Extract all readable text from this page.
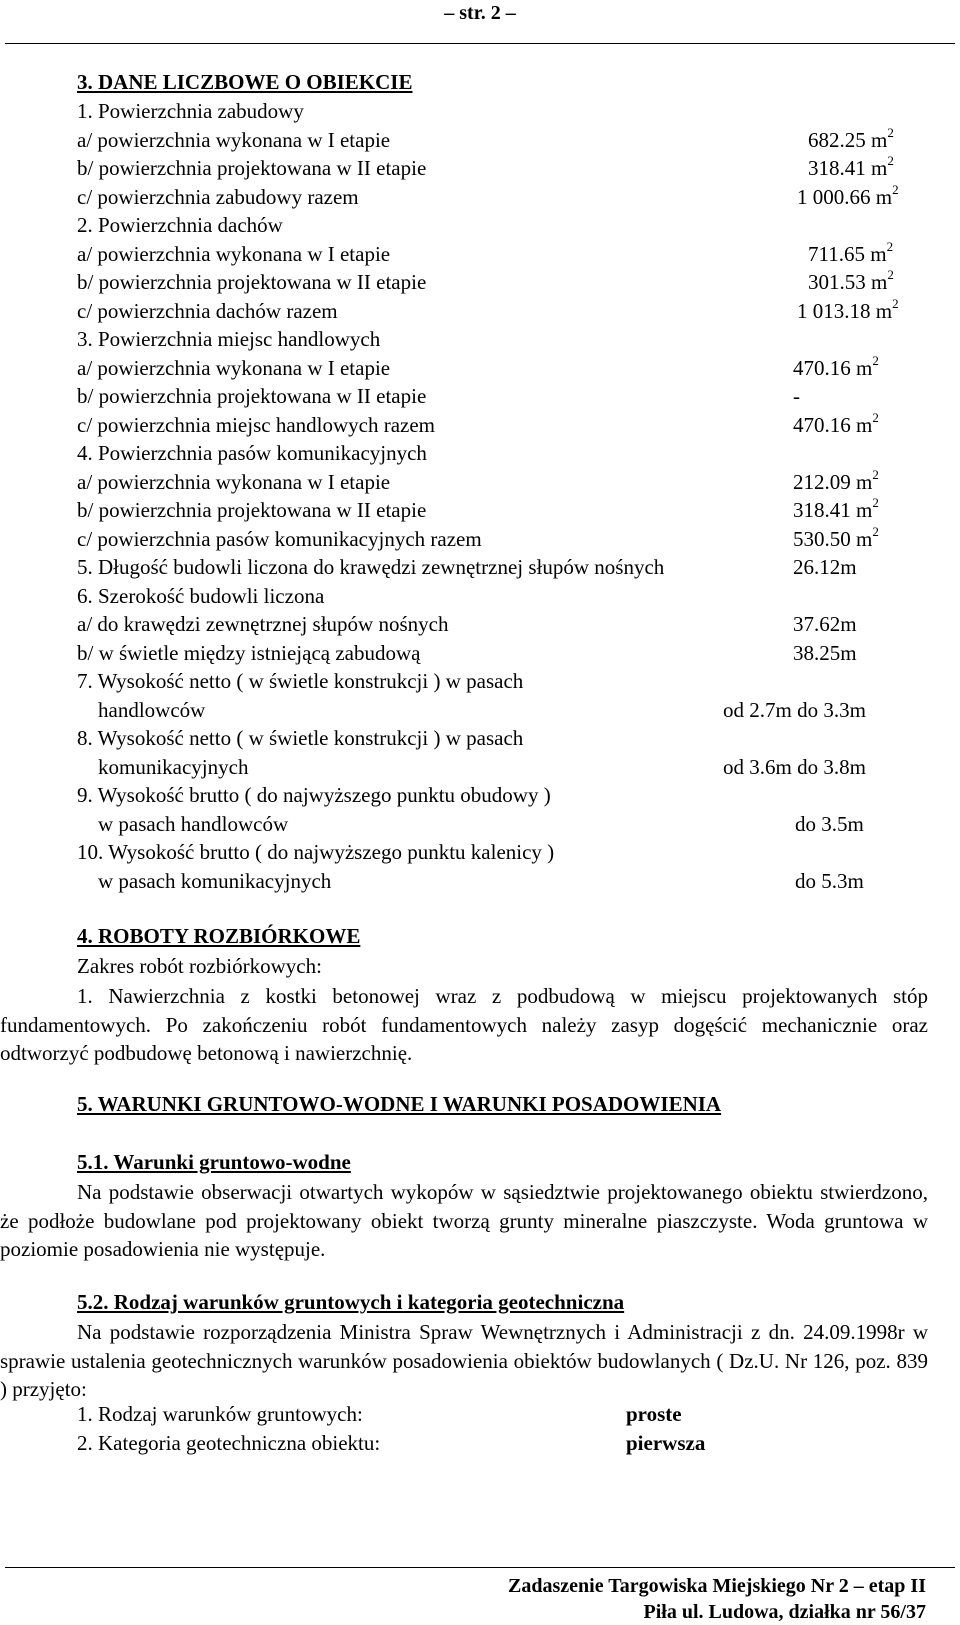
– str. 2 –
3. DANE LICZBOWE O OBIEKCIE
1. Powierzchnia zabudowy
a/ powierzchnia wykonana w I etapie	682.25 $m^2$
b/ powierzchnia projektowana w II etapie	318.41 $m^2$
c/ powierzchnia zabudowy razem	1 000.66 $m^2$
2. Powierzchnia dachów
a/ powierzchnia wykonana w I etapie	711.65 $m^2$
b/ powierzchnia projektowana w II etapie	301.53 $m^2$
c/ powierzchnia dachów razem	1 013.18 $m^2$
3. Powierzchnia miejsc handlowych
a/ powierzchnia wykonana w I etapie	470.16 $m^2$
b/ powierzchnia projektowana w II etapie	-
c/ powierzchnia miejsc handlowych razem	470.16 $m^2$
4. Powierzchnia pasów komunikacyjnych
a/ powierzchnia wykonana w I etapie	212.09 $m^2$
b/ powierzchnia projektowana w II etapie	318.41 $m^2$
c/ powierzchnia pasów komunikacyjnych razem	530.50 $m^2$
5. Długość budowli liczona do krawędzi zewnętrznej słupów nośnych	26.12m
6. Szerokość budowli liczona
a/ do krawędzi zewnętrznej słupów nośnych	37.62m
b/ w świetle między istniejącą zabudową	38.25m
7. Wysokość netto ( w świetle konstrukcji ) w pasach
handlowców	od 2.7m do 3.3m
8. Wysokość netto ( w świetle konstrukcji ) w pasach
komunikacyjnych	od 3.6m do 3.8m
9. Wysokość brutto ( do najwyższego punktu obudowy )
w pasach handlowców	do 3.5m
10. Wysokość brutto ( do najwyższego punktu kalenicy )
w pasach komunikacyjnych	do 5.3m
4. ROBOTY ROZBIÓRKOWE
Zakres robót rozbiórkowych:
1. Nawierzchnia z kostki betonowej wraz z podbudową w miejscu projektowanych stóp fundamentowych. Po zakończeniu robót fundamentowych należy zasyp dogęścić mechanicznie oraz odtworzyć podbudowę betonową i nawierzchnię.
5. WARUNKI GRUNTOWO-WODNE I WARUNKI POSADOWIENIA
5.1. Warunki gruntowo-wodne
Na podstawie obserwacji otwartych wykopów w sąsiedztwie projektowanego obiektu stwierdzono, że podłoże budowlane pod projektowany obiekt tworzą grunty mineralne piaszczyste. Woda gruntowa w poziomie posadowienia nie występuje.
5.2. Rodzaj warunków gruntowych i kategoria geotechniczna
Na podstawie rozporządzenia Ministra Spraw Wewnętrznych i Administracji z dn. 24.09.1998r w sprawie ustalenia geotechnicznych warunków posadowienia obiektów budowlanych ( Dz.U. Nr 126, poz. 839 ) przyjęto:
1. Rodzaj warunków gruntowych:	proste
2. Kategoria geotechniczna obiektu:	pierwsza
Zadaszenie Targowiska Miejskiego Nr 2 – etap II
Piła ul. Ludowa, działka nr 56/37
